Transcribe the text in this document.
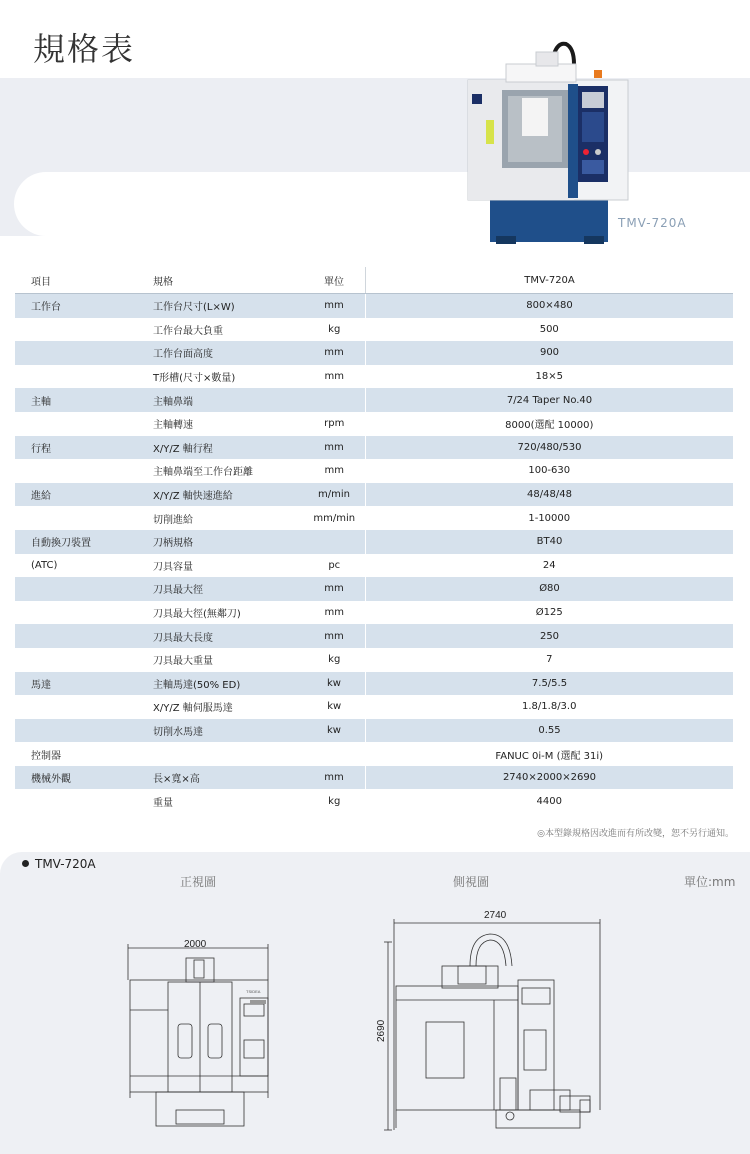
規格表
TMV-720A
項目	規格	單位	TMV-720A
工作台	工作台尺寸(L×W)	mm	800×480
	工作台最大負重	kg	500
	工作台面高度	mm	900
	T形槽(尺寸×數量)	mm	18×5
主軸	主軸鼻端		7/24 Taper No.40
	主軸轉速	rpm	8000(選配 10000)
行程	X/Y/Z 軸行程	mm	720/480/530
	主軸鼻端至工作台距離	mm	100-630
進給	X/Y/Z 軸快速進給	m/min	48/48/48
	切削進給	mm/min	1-10000
自動換刀裝置	刀柄規格		BT40
(ATC)	刀具容量	pc	24
	刀具最大徑	mm	Ø80
	刀具最大徑(無鄰刀)	mm	Ø125
	刀具最大長度	mm	250
	刀具最大重量	kg	7
馬達	主軸馬達(50% ED)	kw	7.5/5.5
	X/Y/Z 軸伺服馬達	kw	1.8/1.8/3.0
	切削水馬達	kw	0.55
控制器			FANUC 0i-M (選配 31i)
機械外觀	長×寬×高	mm	2740×2000×2690
	重量	kg	4400
◎本型錄規格因改進而有所改變，恕不另行通知。
TMV-720A
正視圖	側視圖	單位:mm
2000
2740
2690
TSIDEA
